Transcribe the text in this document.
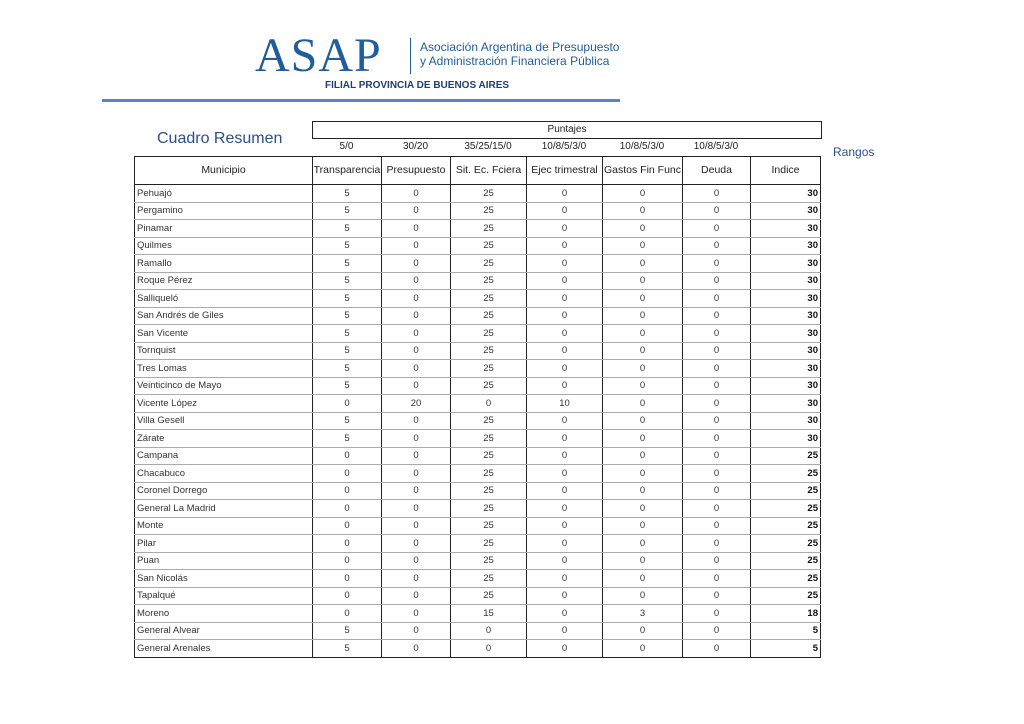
ASAP	Asociación Argentina de Presupuesto
y Administración Financiera Pública
FILIAL PROVINCIA DE BUENOS AIRES
Cuadro Resumen
Rangos
Puntajes
5/0	30/20	35/25/15/0	10/8/5/3/0	10/8/5/3/0	10/8/5/3/0
Municipio	Transparencia	Presupuesto	Sit. Ec. Fciera	Ejec trimestral	Gastos Fin Func	Deuda	Indice
Pehuajó	5	0	25	0	0	0	30
Pergamino	5	0	25	0	0	0	30
Pinamar	5	0	25	0	0	0	30
Quilmes	5	0	25	0	0	0	30
Ramallo	5	0	25	0	0	0	30
Roque Pérez	5	0	25	0	0	0	30
Salliqueló	5	0	25	0	0	0	30
San Andrés de Giles	5	0	25	0	0	0	30
San Vicente	5	0	25	0	0	0	30
Tornquist	5	0	25	0	0	0	30
Tres Lomas	5	0	25	0	0	0	30
Veinticinco de Mayo	5	0	25	0	0	0	30
Vicente López	0	20	0	10	0	0	30
Villa Gesell	5	0	25	0	0	0	30
Zárate	5	0	25	0	0	0	30
Campana	0	0	25	0	0	0	25
Chacabuco	0	0	25	0	0	0	25
Coronel Dorrego	0	0	25	0	0	0	25
General La Madrid	0	0	25	0	0	0	25
Monte	0	0	25	0	0	0	25
Pilar	0	0	25	0	0	0	25
Puan	0	0	25	0	0	0	25
San Nicolás	0	0	25	0	0	0	25
Tapalqué	0	0	25	0	0	0	25
Moreno	0	0	15	0	3	0	18
General Alvear	5	0	0	0	0	0	5
General Arenales	5	0	0	0	0	0	5
